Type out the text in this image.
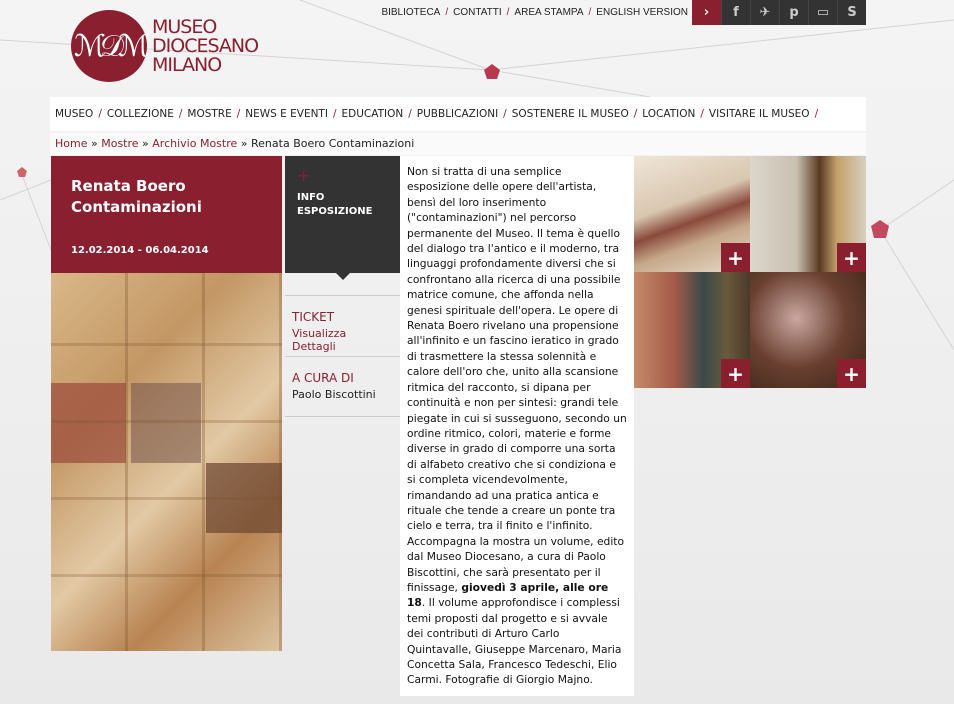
ℳ𝒟ℳ
MUSEO
DIOCESANO
MILANO
BIBLIOTECA / CONTATTI / AREA STAMPA / ENGLISH VERSION	›	f	✈	p	▭	S
MUSEO / COLLEZIONE / MOSTRE / NEWS E EVENTI / EDUCATION / PUBBLICAZIONI / SOSTENERE IL MUSEO / LOCATION / VISITARE IL MUSEO /
Home » Mostre » Archivio Mostre » Renata Boero Contaminazioni
Renata Boero Contaminazioni
12.02.2014 - 06.04.2014
+
INFO ESPOSIZIONE
TICKET
Visualizza Dettagli
A CURA DI
Paolo Biscottini
Non si tratta di una semplice esposizione delle opere dell'artista, bensì del loro inserimento ("contaminazioni") nel percorso permanente del Museo. Il tema è quello del dialogo tra l'antico e il moderno, tra linguaggi profondamente diversi che si confrontano alla ricerca di una possibile matrice comune, che affonda nella genesi spirituale dell'opera. Le opere di Renata Boero rivelano una propensione all'infinito e un fascino ieratico in grado di trasmettere la stessa solennità e calore dell'oro che, unito alla scansione ritmica del racconto, si dipana per continuità e non per sintesi: grandi tele piegate in cui si susseguono, secondo un ordine ritmico, colori, materie e forme diverse in grado di comporre una sorta di alfabeto creativo che si condiziona e si completa vicendevolmente, rimandando ad una pratica antica e rituale che tende a creare un ponte tra cielo e terra, tra il finito e l'infinito. Accompagna la mostra un volume, edito dal Museo Diocesano, a cura di Paolo Biscottini, che sarà presentato per il finissage, giovedì 3 aprile, alle ore 18. Il volume approfondisce i complessi temi proposti dal progetto e si avvale dei contributi di Arturo Carlo Quintavalle, Giuseppe Marcenaro, Maria Concetta Sala, Francesco Tedeschi, Elio Carmi. Fotografie di Giorgio Majno.
+	+
+	+
